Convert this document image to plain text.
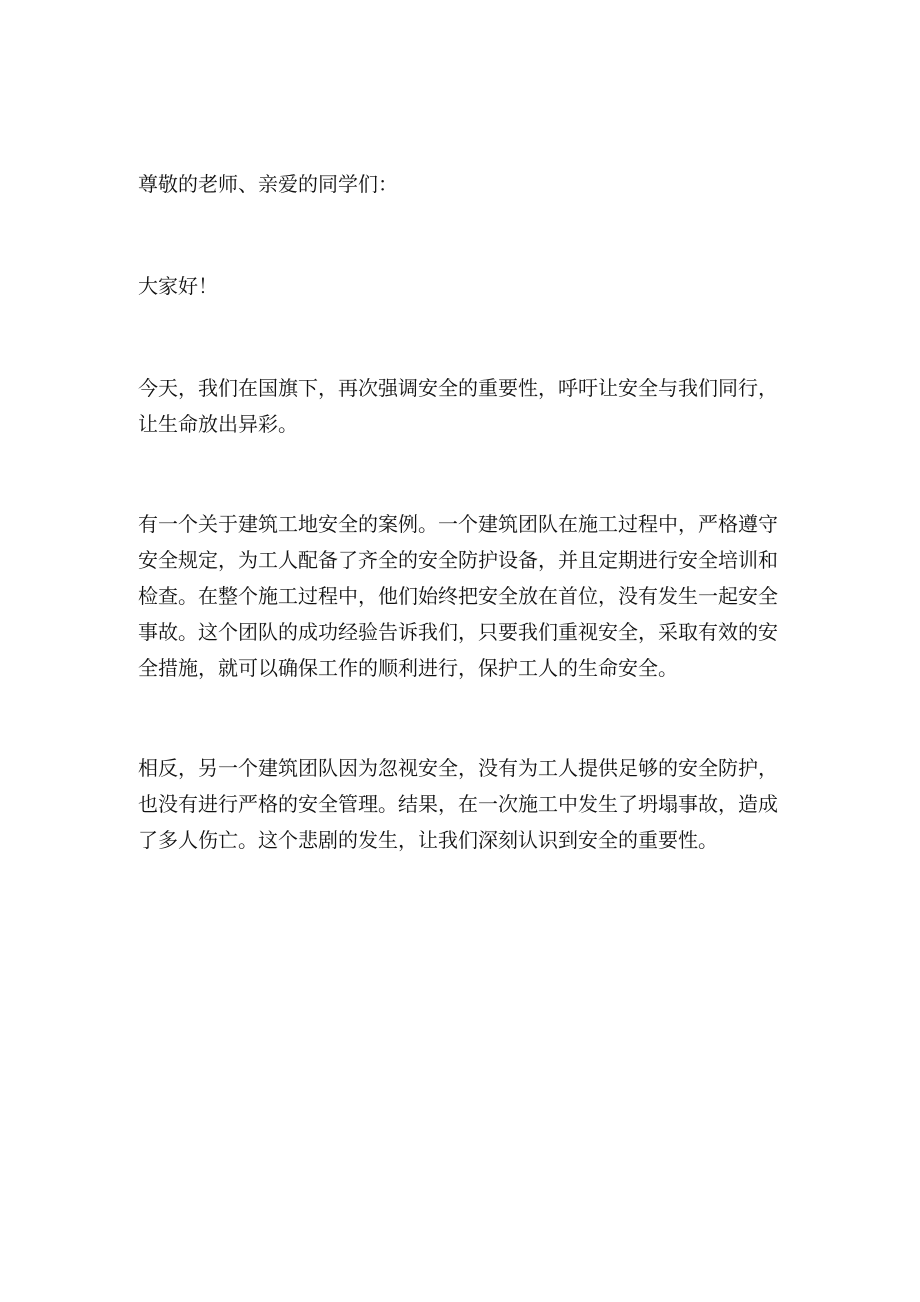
尊敬的老师、亲爱的同学们：

大家好！

今天，我们在国旗下，再次强调安全的重要性，呼吁让安全与我们同行，让生命放出异彩。

有一个关于建筑工地安全的案例。一个建筑团队在施工过程中，严格遵守安全规定，为工人配备了齐全的安全防护设备，并且定期进行安全培训和检查。在整个施工过程中，他们始终把安全放在首位，没有发生一起安全事故。这个团队的成功经验告诉我们，只要我们重视安全，采取有效的安全措施，就可以确保工作的顺利进行，保护工人的生命安全。

相反，另一个建筑团队因为忽视安全，没有为工人提供足够的安全防护，也没有进行严格的安全管理。结果，在一次施工中发生了坍塌事故，造成了多人伤亡。这个悲剧的发生，让我们深刻认识到安全的重要性。
